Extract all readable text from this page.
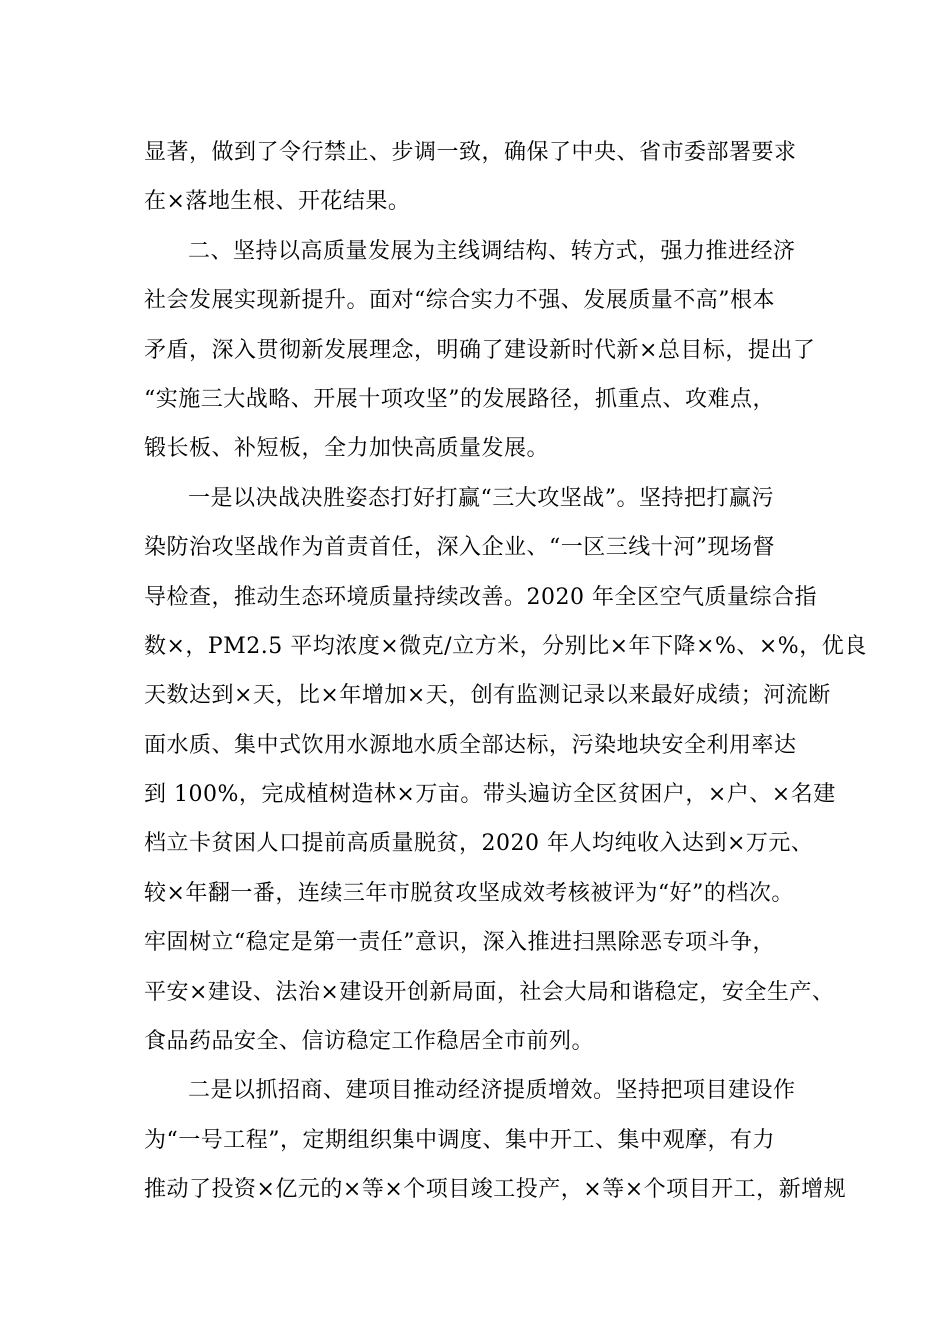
显著，做到了令行禁止、步调一致，确保了中央、省市委部署要求
在×落地生根、开花结果。
二、坚持以高质量发展为主线调结构、转方式，强力推进经济
社会发展实现新提升。面对“综合实力不强、发展质量不高”根本
矛盾，深入贯彻新发展理念，明确了建设新时代新×总目标，提出了
“实施三大战略、开展十项攻坚”的发展路径，抓重点、攻难点，
锻长板、补短板，全力加快高质量发展。
一是以决战决胜姿态打好打赢“三大攻坚战”。坚持把打赢污
染防治攻坚战作为首责首任，深入企业、“一区三线十河”现场督
导检查，推动生态环境质量持续改善。2020 年全区空气质量综合指
数×，PM2.5 平均浓度×微克/立方米，分别比×年下降×%、×%，优良
天数达到×天，比×年增加×天，创有监测记录以来最好成绩；河流断
面水质、集中式饮用水源地水质全部达标，污染地块安全利用率达
到 100%，完成植树造林×万亩。带头遍访全区贫困户，×户、×名建
档立卡贫困人口提前高质量脱贫，2020 年人均纯收入达到×万元、
较×年翻一番，连续三年市脱贫攻坚成效考核被评为“好”的档次。
牢固树立“稳定是第一责任”意识，深入推进扫黑除恶专项斗争，
平安×建设、法治×建设开创新局面，社会大局和谐稳定，安全生产、
食品药品安全、信访稳定工作稳居全市前列。
二是以抓招商、建项目推动经济提质增效。坚持把项目建设作
为“一号工程”，定期组织集中调度、集中开工、集中观摩，有力
推动了投资×亿元的×等×个项目竣工投产，×等×个项目开工，新增规
